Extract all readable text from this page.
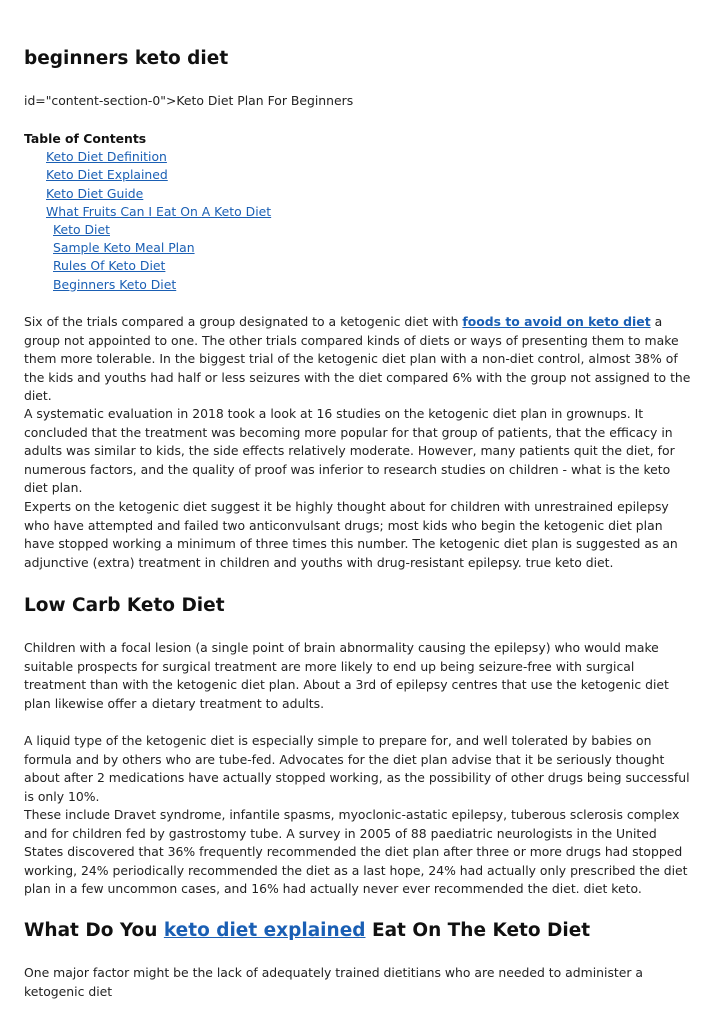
beginners keto diet
id="content-section-0">Keto Diet Plan For Beginners
Table of Contents
Keto Diet Definition
Keto Diet Explained
Keto Diet Guide
What Fruits Can I Eat On A Keto Diet
Keto Diet
Sample Keto Meal Plan
Rules Of Keto Diet
Beginners Keto Diet

Six of the trials compared a group designated to a ketogenic diet with foods to avoid on keto diet a group not appointed to one. The other trials compared kinds of diets or ways of presenting them to make them more tolerable. In the biggest trial of the ketogenic diet plan with a non-diet control, almost 38% of the kids and youths had half or less seizures with the diet compared 6% with the group not assigned to the diet.

A systematic evaluation in 2018 took a look at 16 studies on the ketogenic diet plan in grownups. It concluded that the treatment was becoming more popular for that group of patients, that the efficacy in adults was similar to kids, the side effects relatively moderate. However, many patients quit the diet, for numerous factors, and the quality of proof was inferior to research studies on children - what is the keto diet plan.

Experts on the ketogenic diet suggest it be highly thought about for children with unrestrained epilepsy who have attempted and failed two anticonvulsant drugs; most kids who begin the ketogenic diet plan have stopped working a minimum of three times this number. The ketogenic diet plan is suggested as an adjunctive (extra) treatment in children and youths with drug-resistant epilepsy. true keto diet.

Low Carb Keto Diet

Children with a focal lesion (a single point of brain abnormality causing the epilepsy) who would make suitable prospects for surgical treatment are more likely to end up being seizure-free with surgical treatment than with the ketogenic diet plan. About a 3rd of epilepsy centres that use the ketogenic diet plan likewise offer a dietary treatment to adults.

A liquid type of the ketogenic diet is especially simple to prepare for, and well tolerated by babies on formula and by others who are tube-fed. Advocates for the diet plan advise that it be seriously thought about after 2 medications have actually stopped working, as the possibility of other drugs being successful is only 10%.

These include Dravet syndrome, infantile spasms, myoclonic-astatic epilepsy, tuberous sclerosis complex and for children fed by gastrostomy tube. A survey in 2005 of 88 paediatric neurologists in the United States discovered that 36% frequently recommended the diet plan after three or more drugs had stopped working, 24% periodically recommended the diet as a last hope, 24% had actually only prescribed the diet plan in a few uncommon cases, and 16% had actually never ever recommended the diet. diet keto.

What Do You keto diet explained Eat On The Keto Diet

One major factor might be the lack of adequately trained dietitians who are needed to administer a ketogenic diet
